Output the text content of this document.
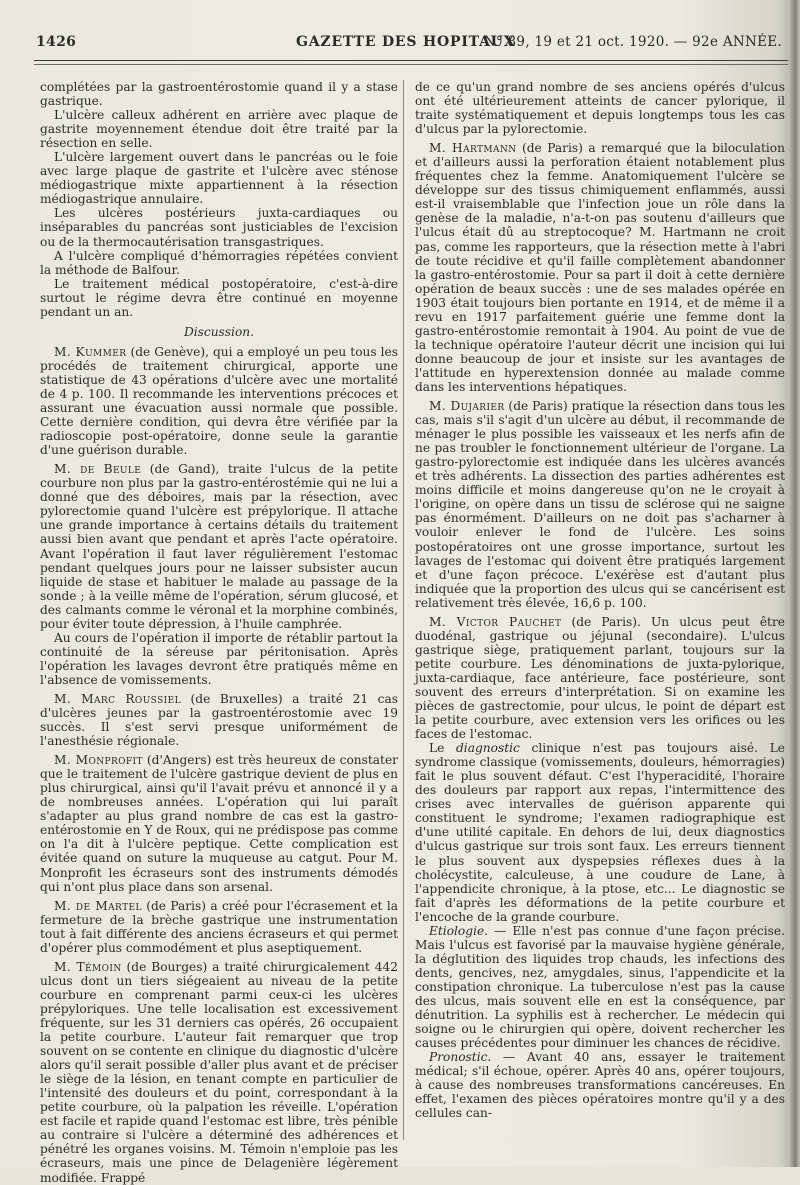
1426	GAZETTE DES HOPITAUX
N° 89, 19 et 21 oct. 1920. — 92e ANNÉE.

complétées par la gastroentérostomie quand il y a stase gastrique.

L'ulcère calleux adhérent en arrière avec plaque de gastrite moyennement étendue doit être traité par la résection en selle.

L'ulcère largement ouvert dans le pancréas ou le foie avec large plaque de gastrite et l'ulcère avec sténose médiogastrique mixte appartiennent à la résection médiogastrique annulaire.

Les ulcères postérieurs juxta-cardiaques ou inséparables du pancréas sont justiciables de l'excision ou de la thermocautérisation transgastriques.

A l'ulcère compliqué d'hémorragies répétées convient la méthode de Balfour.

Le traitement médical postopératoire, c'est-à-dire surtout le régime devra être continué en moyenne pendant un an.

Discussion.

M. Kummer (de Genève), qui a employé un peu tous les procédés de traitement chirurgical, apporte une statistique de 43 opérations d'ulcère avec une mortalité de 4 p. 100. Il recommande les interventions précoces et assurant une évacuation aussi normale que possible. Cette dernière condition, qui devra être vérifiée par la radioscopie post-opératoire, donne seule la garantie d'une guérison durable.

M. de Beule (de Gand), traite l'ulcus de la petite courbure non plus par la gastro-entérostémie qui ne lui a donné que des déboires, mais par la résection, avec pylorectomie quand l'ulcère est prépylorique. Il attache une grande importance à certains détails du traitement aussi bien avant que pendant et après l'acte opératoire. Avant l'opération il faut laver régulièrement l'estomac pendant quelques jours pour ne laisser subsister aucun liquide de stase et habituer le malade au passage de la sonde ; à la veille même de l'opération, sérum glucosé, et des calmants comme le véronal et la morphine combinés, pour éviter toute dépression, à l'huile camphrée.

Au cours de l'opération il importe de rétablir partout la continuité de la séreuse par péritonisation. Après l'opération les lavages devront être pratiqués même en l'absence de vomissements.

M. Marc Roussiel (de Bruxelles) a traité 21 cas d'ulcères jeunes par la gastroentérostomie avec 19 succès. Il s'est servi presque uniformément de l'anesthésie régionale.

M. Monprofit (d'Angers) est très heureux de constater que le traitement de l'ulcère gastrique devient de plus en plus chirurgical, ainsi qu'il l'avait prévu et annoncé il y a de nombreuses années. L'opération qui lui paraît s'adapter au plus grand nombre de cas est la gastro-entérostomie en Y de Roux, qui ne prédispose pas comme on l'a dit à l'ulcère peptique. Cette complication est évitée quand on suture la muqueuse au catgut. Pour M. Monprofit les écraseurs sont des instruments démodés qui n'ont plus place dans son arsenal.

M. de Martel (de Paris) a créé pour l'écrasement et la fermeture de la brèche gastrique une instrumentation tout à fait différente des anciens écraseurs et qui permet d'opérer plus commodément et plus aseptiquement.

M. Témoin (de Bourges) a traité chirurgicalement 442 ulcus dont un tiers siégeaient au niveau de la petite courbure en comprenant parmi ceux-ci les ulcères prépyloriques. Une telle localisation est excessivement fréquente, sur les 31 derniers cas opérés, 26 occupaient la petite courbure. L'auteur fait remarquer que trop souvent on se contente en clinique du diagnostic d'ulcère alors qu'il serait possible d'aller plus avant et de préciser le siège de la lésion, en tenant compte en particulier de l'intensité des douleurs et du point, correspondant à la petite courbure, où la palpation les réveille. L'opération est facile et rapide quand l'estomac est libre, très pénible au contraire si l'ulcère a déterminé des adhérences et pénétré les organes voisins. M. Témoin n'emploie pas les écraseurs, mais une pince de Delagenière légèrement modifiée. Frappé

de ce qu'un grand nombre de ses anciens opérés d'ulcus ont été ultérieurement atteints de cancer pylorique, il traite systématiquement et depuis longtemps tous les cas d'ulcus par la pylorectomie.

M. Hartmann (de Paris) a remarqué que la biloculation et d'ailleurs aussi la perforation étaient notablement plus fréquentes chez la femme. Anatomiquement l'ulcère se développe sur des tissus chimiquement enflammés, aussi est-il vraisemblable que l'infection joue un rôle dans la genèse de la maladie, n'a-t-on pas soutenu d'ailleurs que l'ulcus était dû au streptocoque? M. Hartmann ne croit pas, comme les rapporteurs, que la résection mette à l'abri de toute récidive et qu'il faille complètement abandonner la gastro-entérostomie. Pour sa part il doit à cette dernière opération de beaux succès : une de ses malades opérée en 1903 était toujours bien portante en 1914, et de même il a revu en 1917 parfaitement guérie une femme dont la gastro-entérostomie remontait à 1904. Au point de vue de la technique opératoire l'auteur décrit une incision qui lui donne beaucoup de jour et insiste sur les avantages de l'attitude en hyperextension donnée au malade comme dans les interventions hépatiques.

M. Dujarier (de Paris) pratique la résection dans tous les cas, mais s'il s'agit d'un ulcère au début, il recommande de ménager le plus possible les vaisseaux et les nerfs afin de ne pas troubler le fonctionnement ultérieur de l'organe. La gastro-pylorectomie est indiquée dans les ulcères avancés et très adhérents. La dissection des parties adhérentes est moins difficile et moins dangereuse qu'on ne le croyait à l'origine, on opère dans un tissu de sclérose qui ne saigne pas énormément. D'ailleurs on ne doit pas s'acharner à vouloir enlever le fond de l'ulcère. Les soins postopératoires ont une grosse importance, surtout les lavages de l'estomac qui doivent être pratiqués largement et d'une façon précoce. L'exérèse est d'autant plus indiquée que la proportion des ulcus qui se cancérisent est relativement très élevée, 16,6 p. 100.

M. Victor Pauchet (de Paris). Un ulcus peut être duodénal, gastrique ou jéjunal (secondaire). L'ulcus gastrique siège, pratiquement parlant, toujours sur la petite courbure. Les dénominations de juxta-pylorique, juxta-cardiaque, face antérieure, face postérieure, sont souvent des erreurs d'interprétation. Si on examine les pièces de gastrectomie, pour ulcus, le point de départ est la petite courbure, avec extension vers les orifices ou les faces de l'estomac.

Le diagnostic clinique n'est pas toujours aisé. Le syndrome classique (vomissements, douleurs, hémorragies) fait le plus souvent défaut. C'est l'hyperacidité, l'horaire des douleurs par rapport aux repas, l'intermittence des crises avec intervalles de guérison apparente qui constituent le syndrome; l'examen radiographique est d'une utilité capitale. En dehors de lui, deux diagnostics d'ulcus gastrique sur trois sont faux. Les erreurs tiennent le plus souvent aux dyspepsies réflexes dues à la cholécystite, calculeuse, à une coudure de Lane, à l'appendicite chronique, à la ptose, etc... Le diagnostic se fait d'après les déformations de la petite courbure et l'encoche de la grande courbure.

Etiologie. — Elle n'est pas connue d'une façon précise. Mais l'ulcus est favorisé par la mauvaise hygiène générale, la déglutition des liquides trop chauds, les infections des dents, gencives, nez, amygdales, sinus, l'appendicite et la constipation chronique. La tuberculose n'est pas la cause des ulcus, mais souvent elle en est la conséquence, par dénutrition. La syphilis est à rechercher. Le médecin qui soigne ou le chirurgien qui opère, doivent rechercher les causes précédentes pour diminuer les chances de récidive.

Pronostic. — Avant 40 ans, essayer le traitement médical; s'il échoue, opérer. Après 40 ans, opérer toujours, à cause des nombreuses transformations cancéreuses. En effet, l'examen des pièces opératoires montre qu'il y a des cellules can-
